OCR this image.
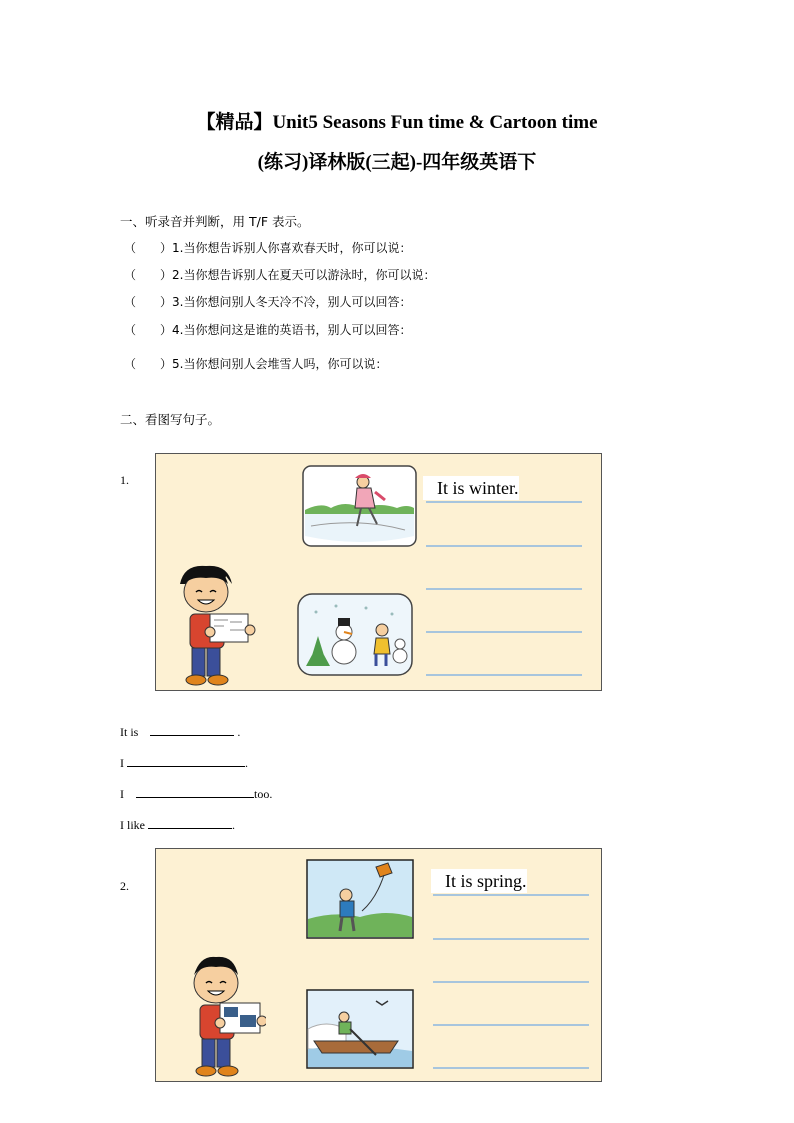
【精品】Unit5 Seasons Fun time & Cartoon time
(练习)译林版(三起)-四年级英语下
一、听录音并判断，用 T/F 表示。
（　　）1.当你想告诉别人你喜欢春天时，你可以说：
（　　）2.当你想告诉别人在夏天可以游泳时，你可以说：
（　　）3.当你想问别人冬天冷不冷，别人可以回答：
（　　）4.当你想问这是谁的英语书，别人可以回答：
（　　）5.当你想问别人会堆雪人吗，你可以说：
二、看图写句子。
1.	It is winter.
It is	.
I	.
I	too.
I like	.
2.	It is spring.
